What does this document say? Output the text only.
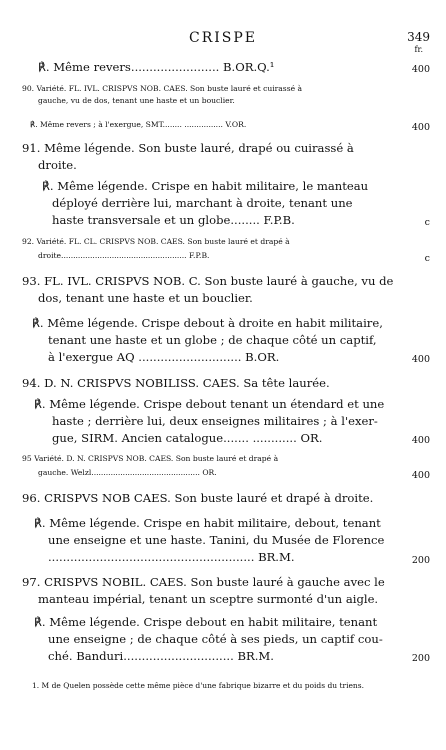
CRISPE	349
fr.
℟. Même revers........................ B.OR.Q.¹	400
90. Variété. FL. IVL. CRISPVS NOB. CAES. Son buste lauré et cuirassé à
gauche, vu de dos, tenant une haste et un bouclier.
℟. Même revers ; à l'exergue, SMT........ ................ V.OR.	400
91. Même légende. Son buste lauré, drapé ou cuirassé à
droite.
℟. Même légende. Crispe en habit militaire, le manteau
déployé derrière lui, marchant à droite, tenant une
haste transversale et un globe........ F.P.B.	c
92. Variété. FL. CL. CRISPVS NOB. CAES. Son buste lauré et drapé à
droite.................................................... F.P.B.	c
93. FL. IVL. CRISPVS NOB. C. Son buste lauré à gauche, vu de
dos, tenant une haste et un bouclier.
℟. Même légende. Crispe debout à droite en habit militaire,
tenant une haste et un globe ; de chaque côté un captif,
à l'exergue AQ ............................ B.OR.	400
94. D. N. CRISPVS NOBILISS. CAES. Sa tête laurée.
℟. Même légende. Crispe debout tenant un étendard et une
haste ; derrière lui, deux enseignes militaires ; à l'exer-
gue, SIRM. Ancien catalogue....... ............ OR.	400
95 Variété. D. N. CRISPVS NOB. CAES. Son buste lauré et drapé à
gauche. Welzl............................................. OR.	400
96. CRISPVS NOB CAES. Son buste lauré et drapé à droite.
℟. Même légende. Crispe en habit militaire, debout, tenant
une enseigne et une haste. Tanini, du Musée de Florence
........................................................ BR.M.	200
97. CRISPVS NOBIL. CAES. Son buste lauré à gauche avec le
manteau impérial, tenant un sceptre surmonté d'un aigle.
℟. Même légende. Crispe debout en habit militaire, tenant
une enseigne ; de chaque côté à ses pieds, un captif cou-
ché. Banduri.............................. BR.M.	200
1. M de Quelen possède cette même pièce d'une fabrique bizarre et du poids du triens.
